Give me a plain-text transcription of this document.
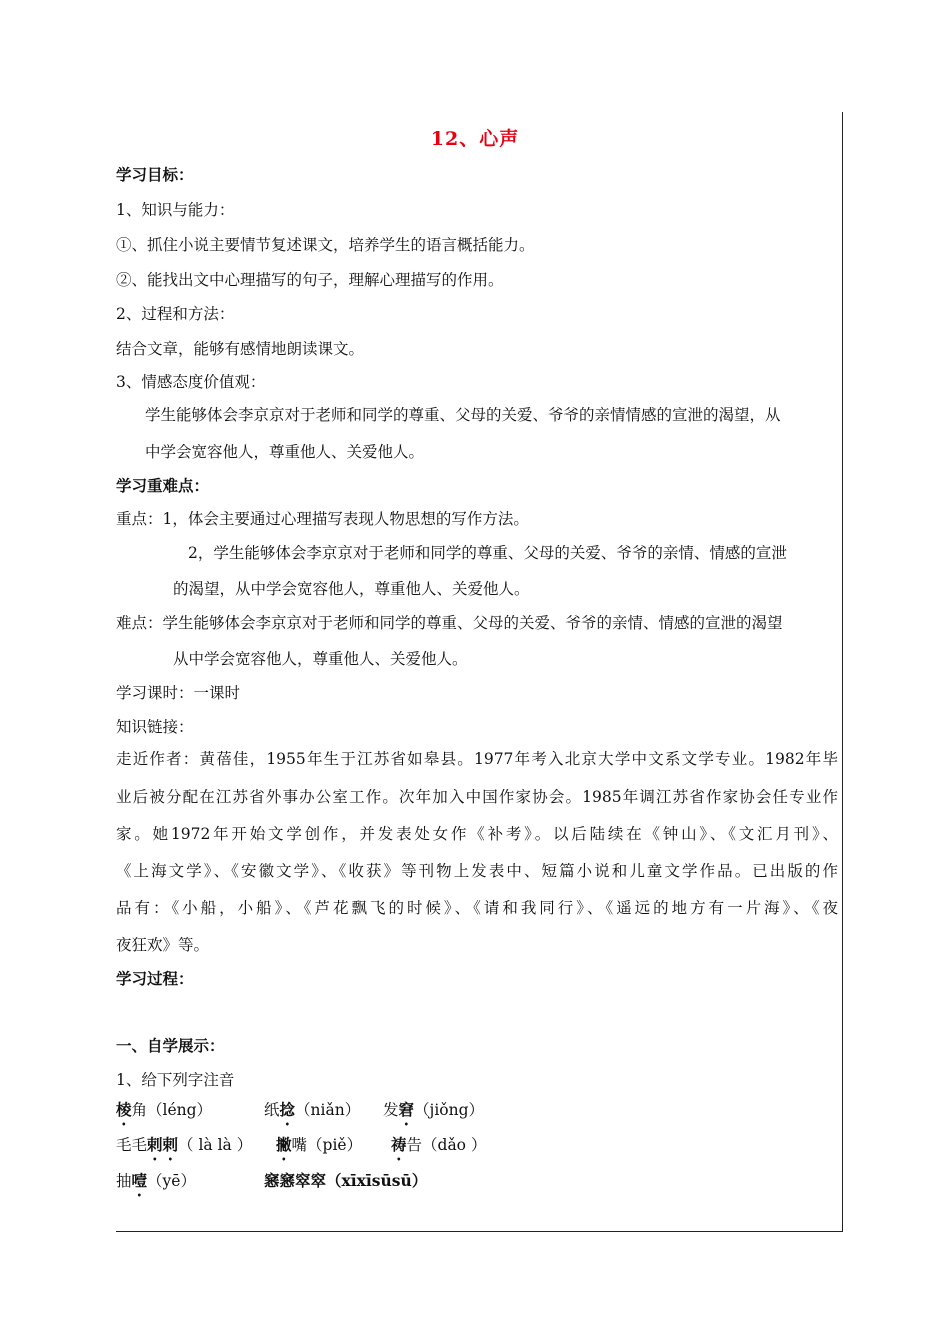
12、心声
学习目标：
1、知识与能力：
①、抓住小说主要情节复述课文，培养学生的语言概括能力。
②、能找出文中心理描写的句子，理解心理描写的作用。
2、过程和方法：
结合文章，能够有感情地朗读课文。
3、情感态度价值观：
学生能够体会李京京对于老师和同学的尊重、父母的关爱、爷爷的亲情情感的宣泄的渴望，从
中学会宽容他人，尊重他人、关爱他人。
学习重难点：
重点：1，体会主要通过心理描写表现人物思想的写作方法。
2，学生能够体会李京京对于老师和同学的尊重、父母的关爱、爷爷的亲情、情感的宣泄
的渴望，从中学会宽容他人，尊重他人、关爱他人。
难点：学生能够体会李京京对于老师和同学的尊重、父母的关爱、爷爷的亲情、情感的宣泄的渴望
从中学会宽容他人，尊重他人、关爱他人。
学习课时：一课时
知识链接：
走近作者：黄蓓佳，1955年生于江苏省如皋县。1977年考入北京大学中文系文学专业。1982年毕
业后被分配在江苏省外事办公室工作。次年加入中国作家协会。1985年调江苏省作家协会任专业作
家。她1972年开始文学创作，并发表处女作《补考》。以后陆续在《钟山》、《文汇月刊》、
《上海文学》、《安徽文学》、《收获》等刊物上发表中、短篇小说和儿童文学作品。已出版的作
品有：《小船，小船》、《芦花飘飞的时候》、《请和我同行》、《遥远的地方有一片海》、《夜
夜狂欢》等。
学习过程：
一、自学展示：
1、给下列字注音
棱角（léng）	纸捻（niǎn） 发窘（jiǒng）
毛毛剌剌（ là là ） 撇嘴（piě） 祷告（dǎo ）
抽噎（yē）	窸窸窣窣（xīxīsūsū）
